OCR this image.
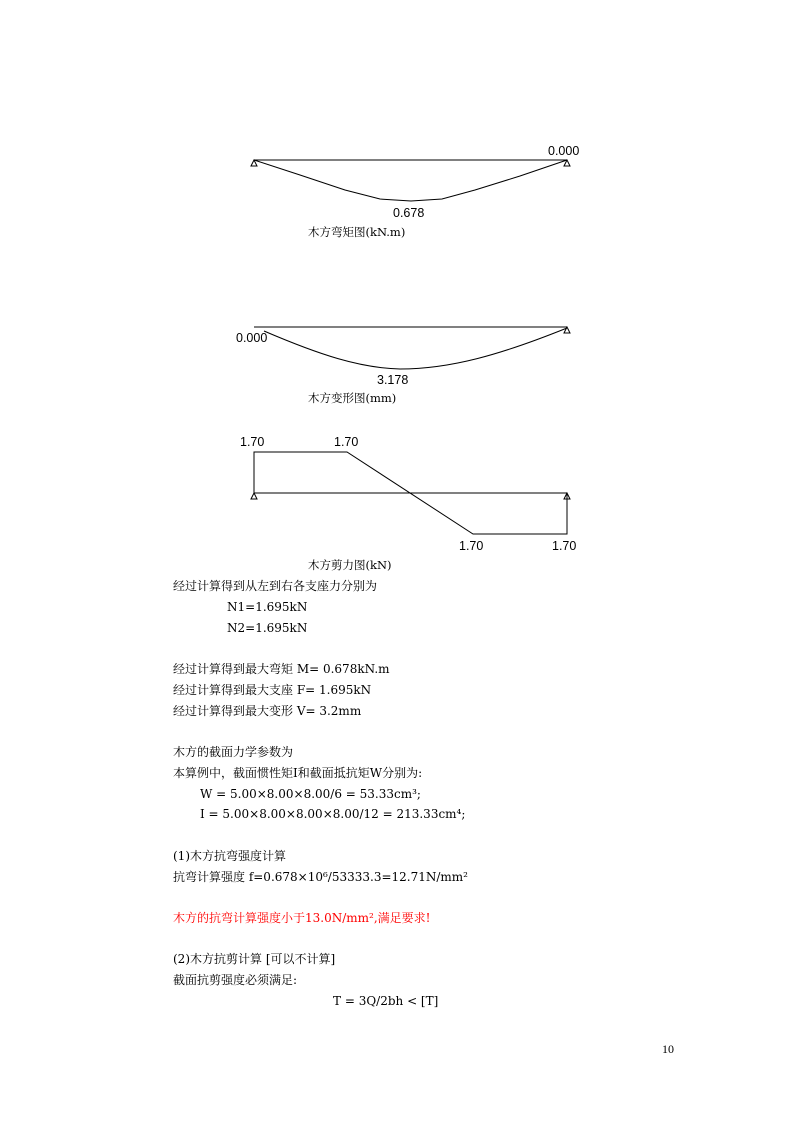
0.000
0.678
0.000
3.178
1.70	1.70
1.70	1.70
木方弯矩图(kN.m)
木方变形图(mm)
木方剪力图(kN)
经过计算得到从左到右各支座力分别为
N1=1.695kN
N2=1.695kN
经过计算得到最大弯矩 M= 0.678kN.m
经过计算得到最大支座 F= 1.695kN
经过计算得到最大变形 V= 3.2mm
木方的截面力学参数为
本算例中，截面惯性矩I和截面抵抗矩W分别为:
W = 5.00×8.00×8.00/6 = 53.33cm³;
I = 5.00×8.00×8.00×8.00/12 = 213.33cm⁴;
(1)木方抗弯强度计算
抗弯计算强度 f=0.678×10⁶/53333.3=12.71N/mm²
木方的抗弯计算强度小于13.0N/mm²,满足要求!
(2)木方抗剪计算 [可以不计算]
截面抗剪强度必须满足:
T = 3Q/2bh < [T]
10
